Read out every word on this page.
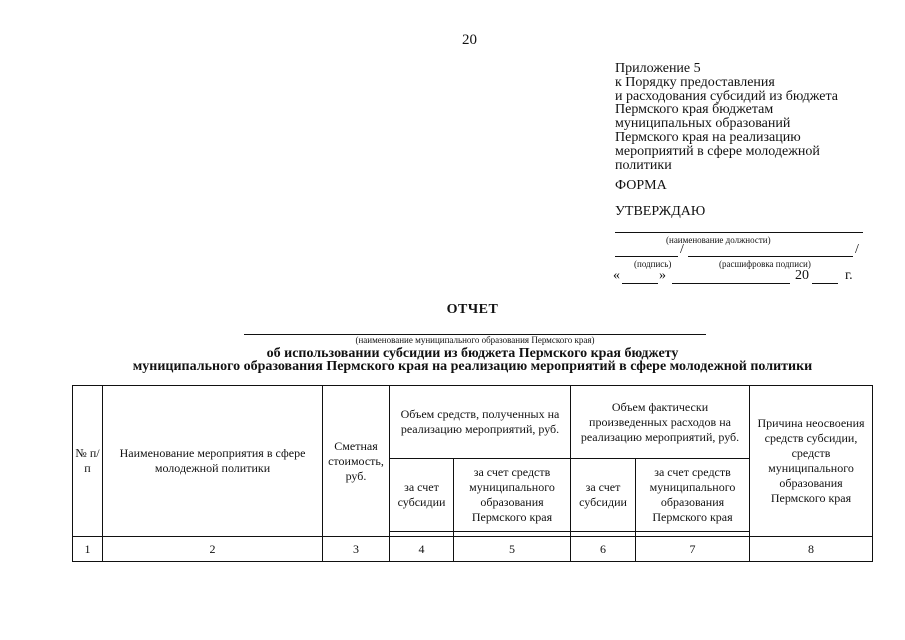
20
Приложение 5
к Порядку предоставления
и расходования субсидий из бюджета
Пермского края бюджетам
муниципальных образований
Пермского края на реализацию
мероприятий в сфере молодежной
политики
ФОРМА
УТВЕРЖДАЮ
(наименование должности)
/	/
(подпись)	(расшифровка подписи)
«	»	20	г.
ОТЧЕТ
(наименование муниципального образования Пермского края)
об использовании субсидии из бюджета Пермского края бюджету
муниципального образования Пермского края на реализацию мероприятий в сфере молодежной политики
№ п/п	Наименование мероприятия в сфере молодежной политики	Сметная стоимость, руб.	Объем средств, полученных на реализацию мероприятий, руб.		Объем фактически произведенных расходов на реализацию мероприятий, руб.		Причина неосвоения средств субсидии, средств муниципального образования Пермского края
			за счет субсидии	за счет средств муниципального образования Пермского края	за счет субсидии	за счет средств муниципального образования Пермского края	

1	2	3	4	5	6	7	8
